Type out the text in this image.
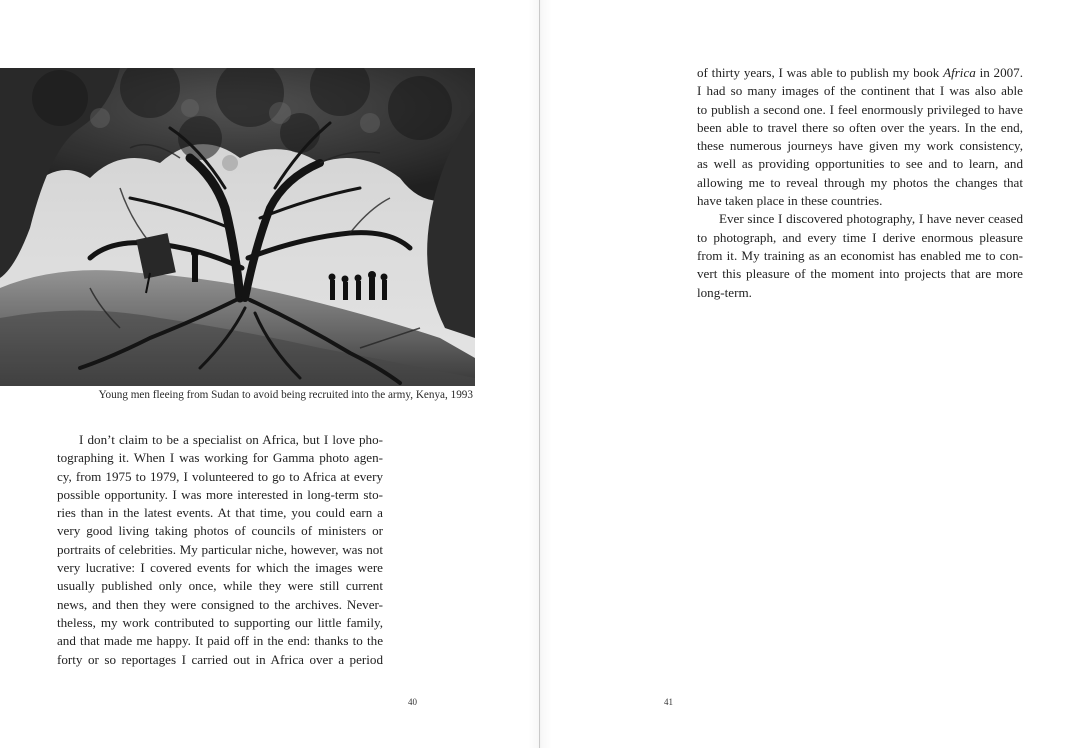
Young men fleeing from Sudan to avoid being recruited into the army, Kenya, 1993
I don’t claim to be a specialist on Africa, but I love pho-
tographing it. When I was working for Gamma photo agen-
cy, from 1975 to 1979, I volunteered to go to Africa at every
possible opportunity. I was more interested in long-term sto-
ries than in the latest events. At that time, you could earn a
very good living taking photos of councils of ministers or
portraits of celebrities. My particular niche, however, was not
very lucrative: I covered events for which the images were
usually published only once, while they were still current
news, and then they were consigned to the archives. Never-
theless, my work contributed to supporting our little family,
and that made me happy. It paid off in the end: thanks to the
forty or so reportages I carried out in Africa over a period
40
of thirty years, I was able to publish my book Africa in 2007.
I had so many images of the continent that I was also able
to publish a second one. I feel enormously privileged to have
been able to travel there so often over the years. In the end,
these numerous journeys have given my work consistency,
as well as providing opportunities to see and to learn, and
allowing me to reveal through my photos the changes that
have taken place in these countries.
Ever since I discovered photography, I have never ceased
to photograph, and every time I derive enormous pleasure
from it. My training as an economist has enabled me to con-
vert this pleasure of the moment into projects that are more
long-term.
41
